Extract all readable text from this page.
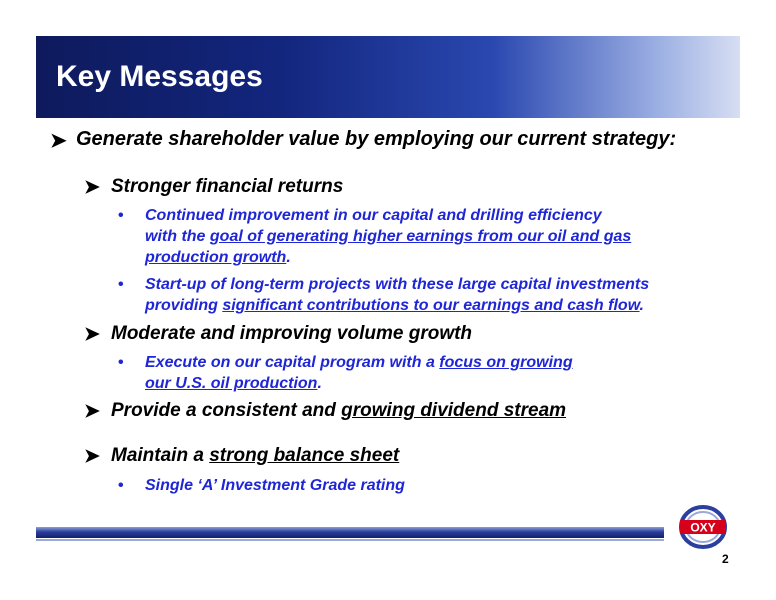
Key Messages
➤ Generate shareholder value by employing our current strategy:
➤ Stronger financial returns
• Continued improvement in our capital and drilling efficiency
with the goal of generating higher earnings from our oil and gas
production growth.
• Start-up of long-term projects with these large capital investments
providing significant contributions to our earnings and cash flow.
➤ Moderate and improving volume growth
• Execute on our capital program with a focus on growing
our U.S. oil production.
➤ Provide a consistent and growing dividend stream
➤ Maintain a strong balance sheet
• Single ‘A’ Investment Grade rating
OXY
2
